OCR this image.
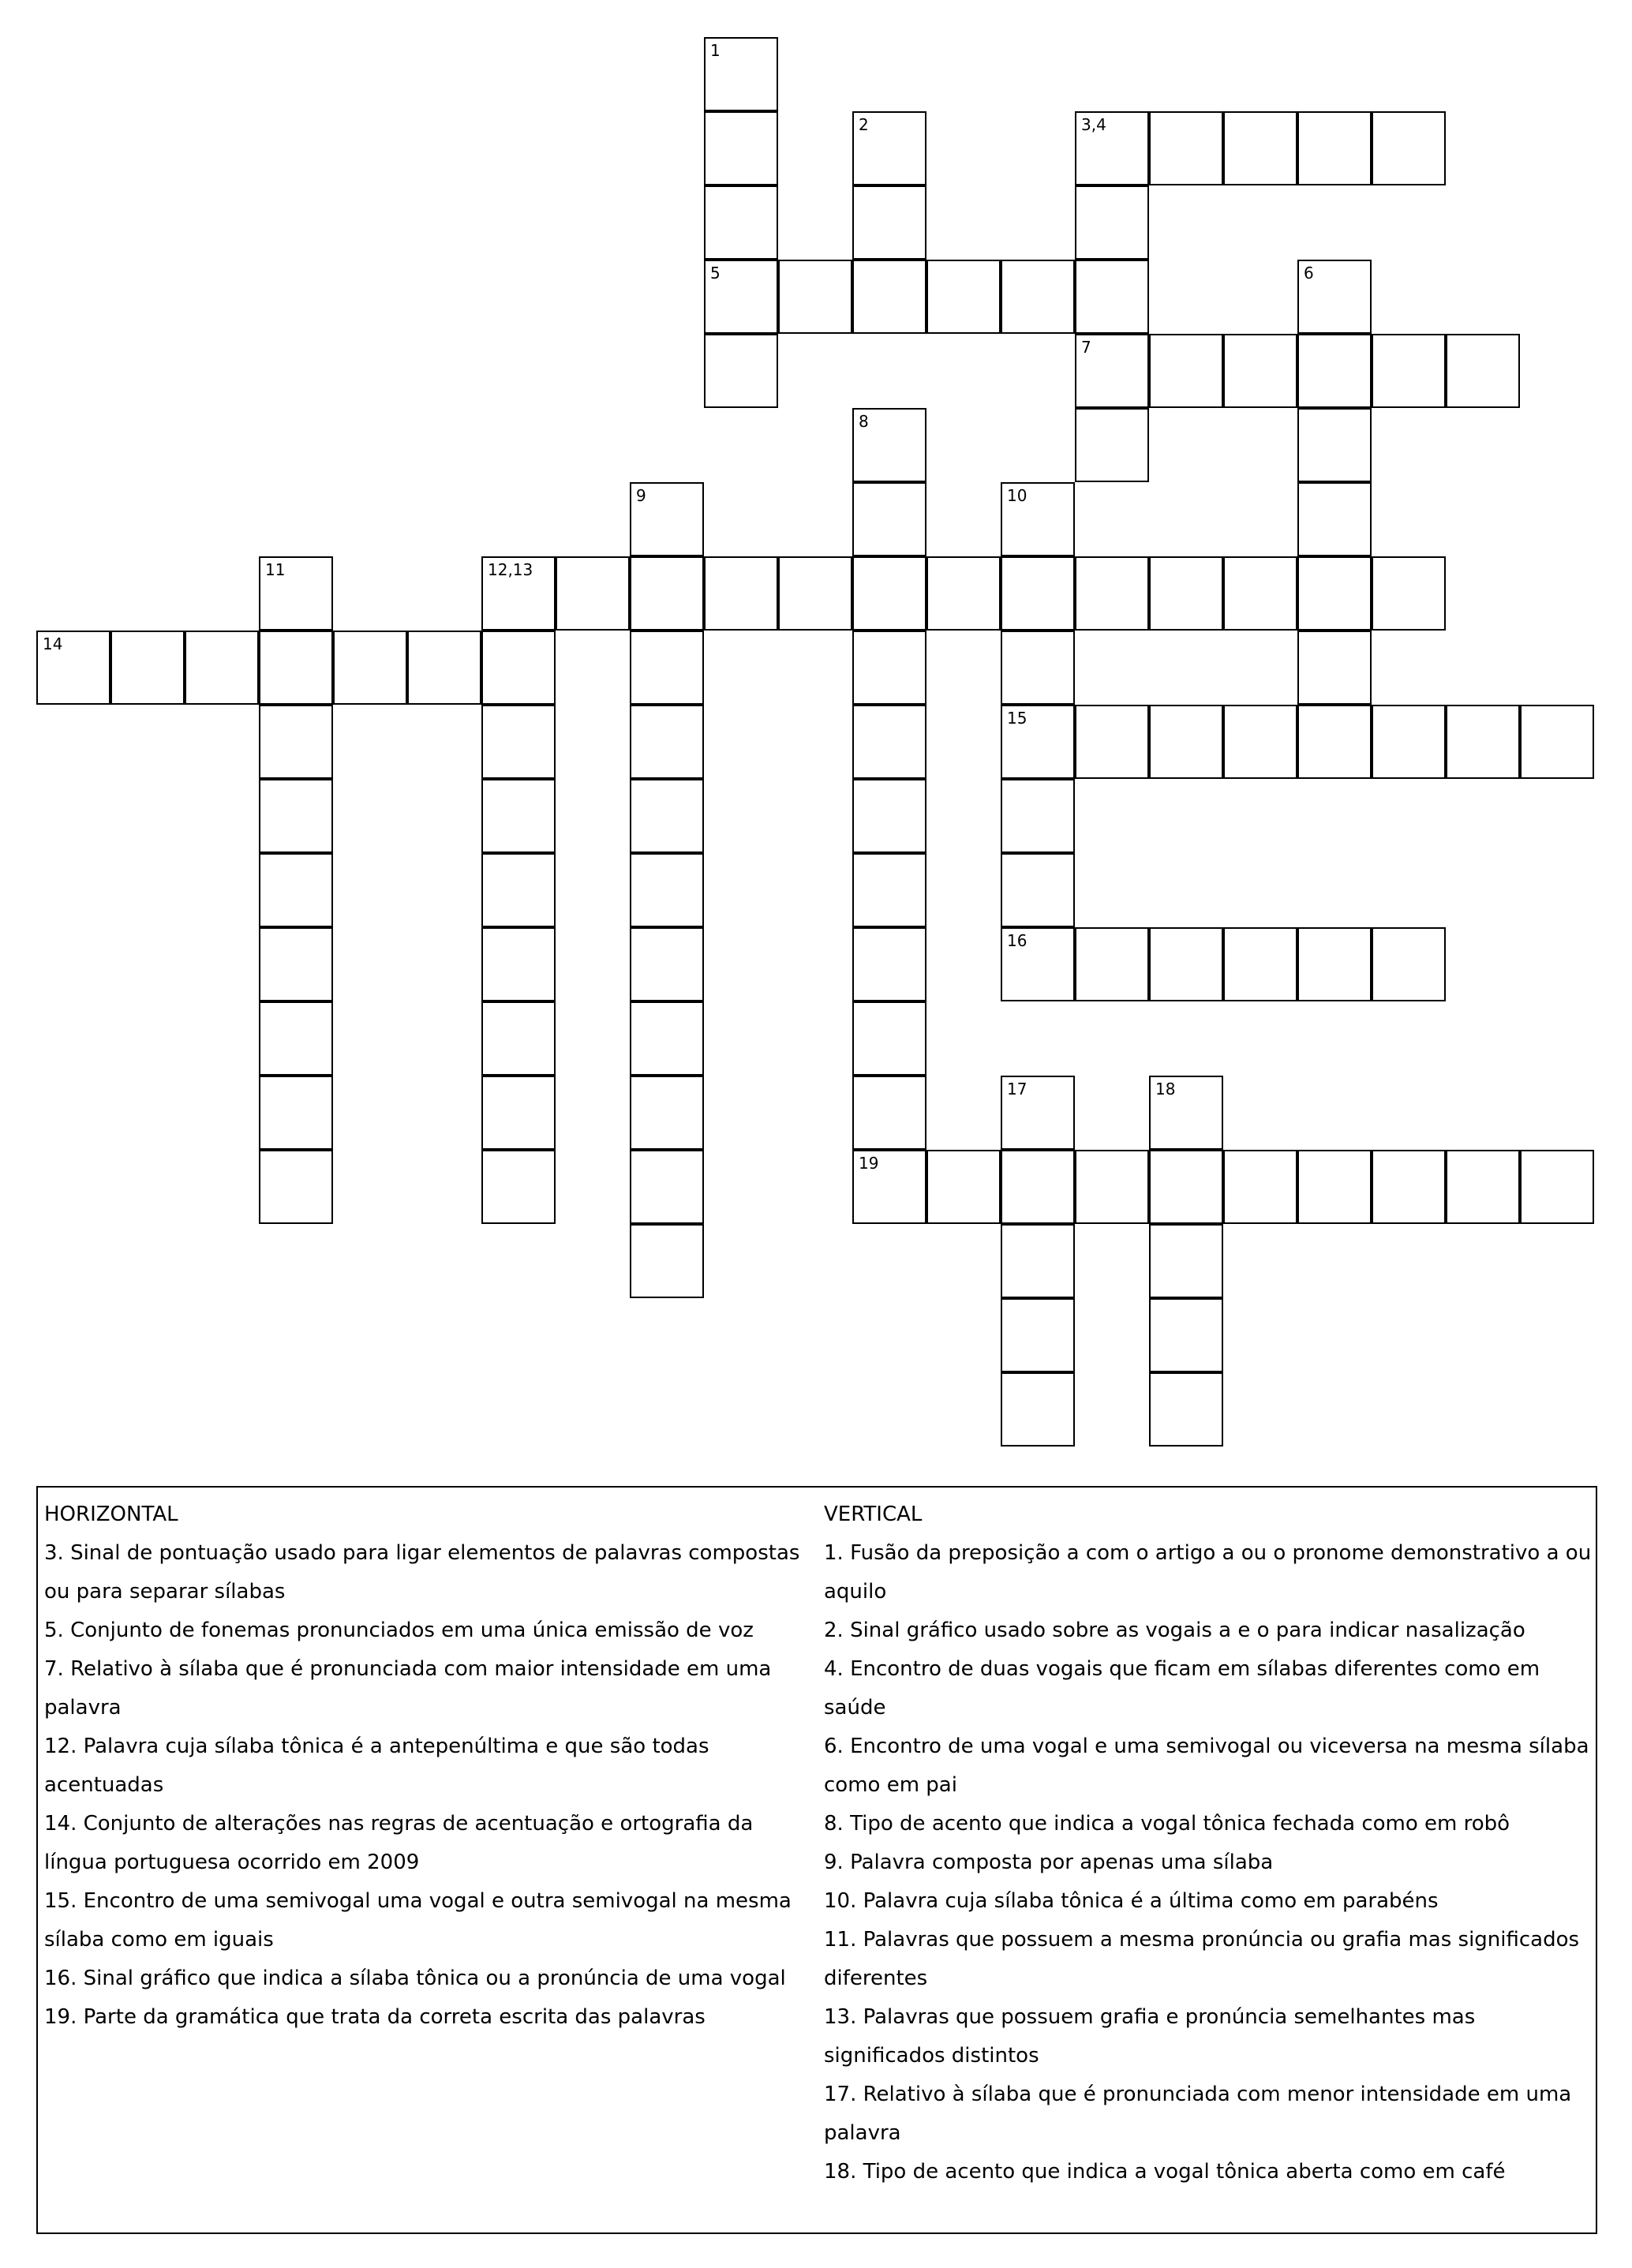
3,4
5
7
12,13
14
15
16
19
1
2
6
8
9	10
11
17	18

HORIZONTAL

3. Sinal de pontuação usado para ligar elementos de palavras compostas ou para separar sílabas

5. Conjunto de fonemas pronunciados em uma única emissão de voz

7. Relativo à sílaba que é pronunciada com maior intensidade em uma palavra

12. Palavra cuja sílaba tônica é a antepenúltima e que são todas acentuadas

14. Conjunto de alterações nas regras de acentuação e ortografia da língua portuguesa ocorrido em 2009

15. Encontro de uma semivogal uma vogal e outra semivogal na mesma sílaba como em iguais

16. Sinal gráfico que indica a sílaba tônica ou a pronúncia de uma vogal

19. Parte da gramática que trata da correta escrita das palavras

VERTICAL

1. Fusão da preposição a com o artigo a ou o pronome demonstrativo a ou aquilo

2. Sinal gráfico usado sobre as vogais a e o para indicar nasalização

4. Encontro de duas vogais que ficam em sílabas diferentes como em saúde

6. Encontro de uma vogal e uma semivogal ou viceversa na mesma sílaba como em pai

8. Tipo de acento que indica a vogal tônica fechada como em robô

9. Palavra composta por apenas uma sílaba

10. Palavra cuja sílaba tônica é a última como em parabéns

11. Palavras que possuem a mesma pronúncia ou grafia mas significados diferentes

13. Palavras que possuem grafia e pronúncia semelhantes mas significados distintos

17. Relativo à sílaba que é pronunciada com menor intensidade em uma palavra

18. Tipo de acento que indica a vogal tônica aberta como em café
